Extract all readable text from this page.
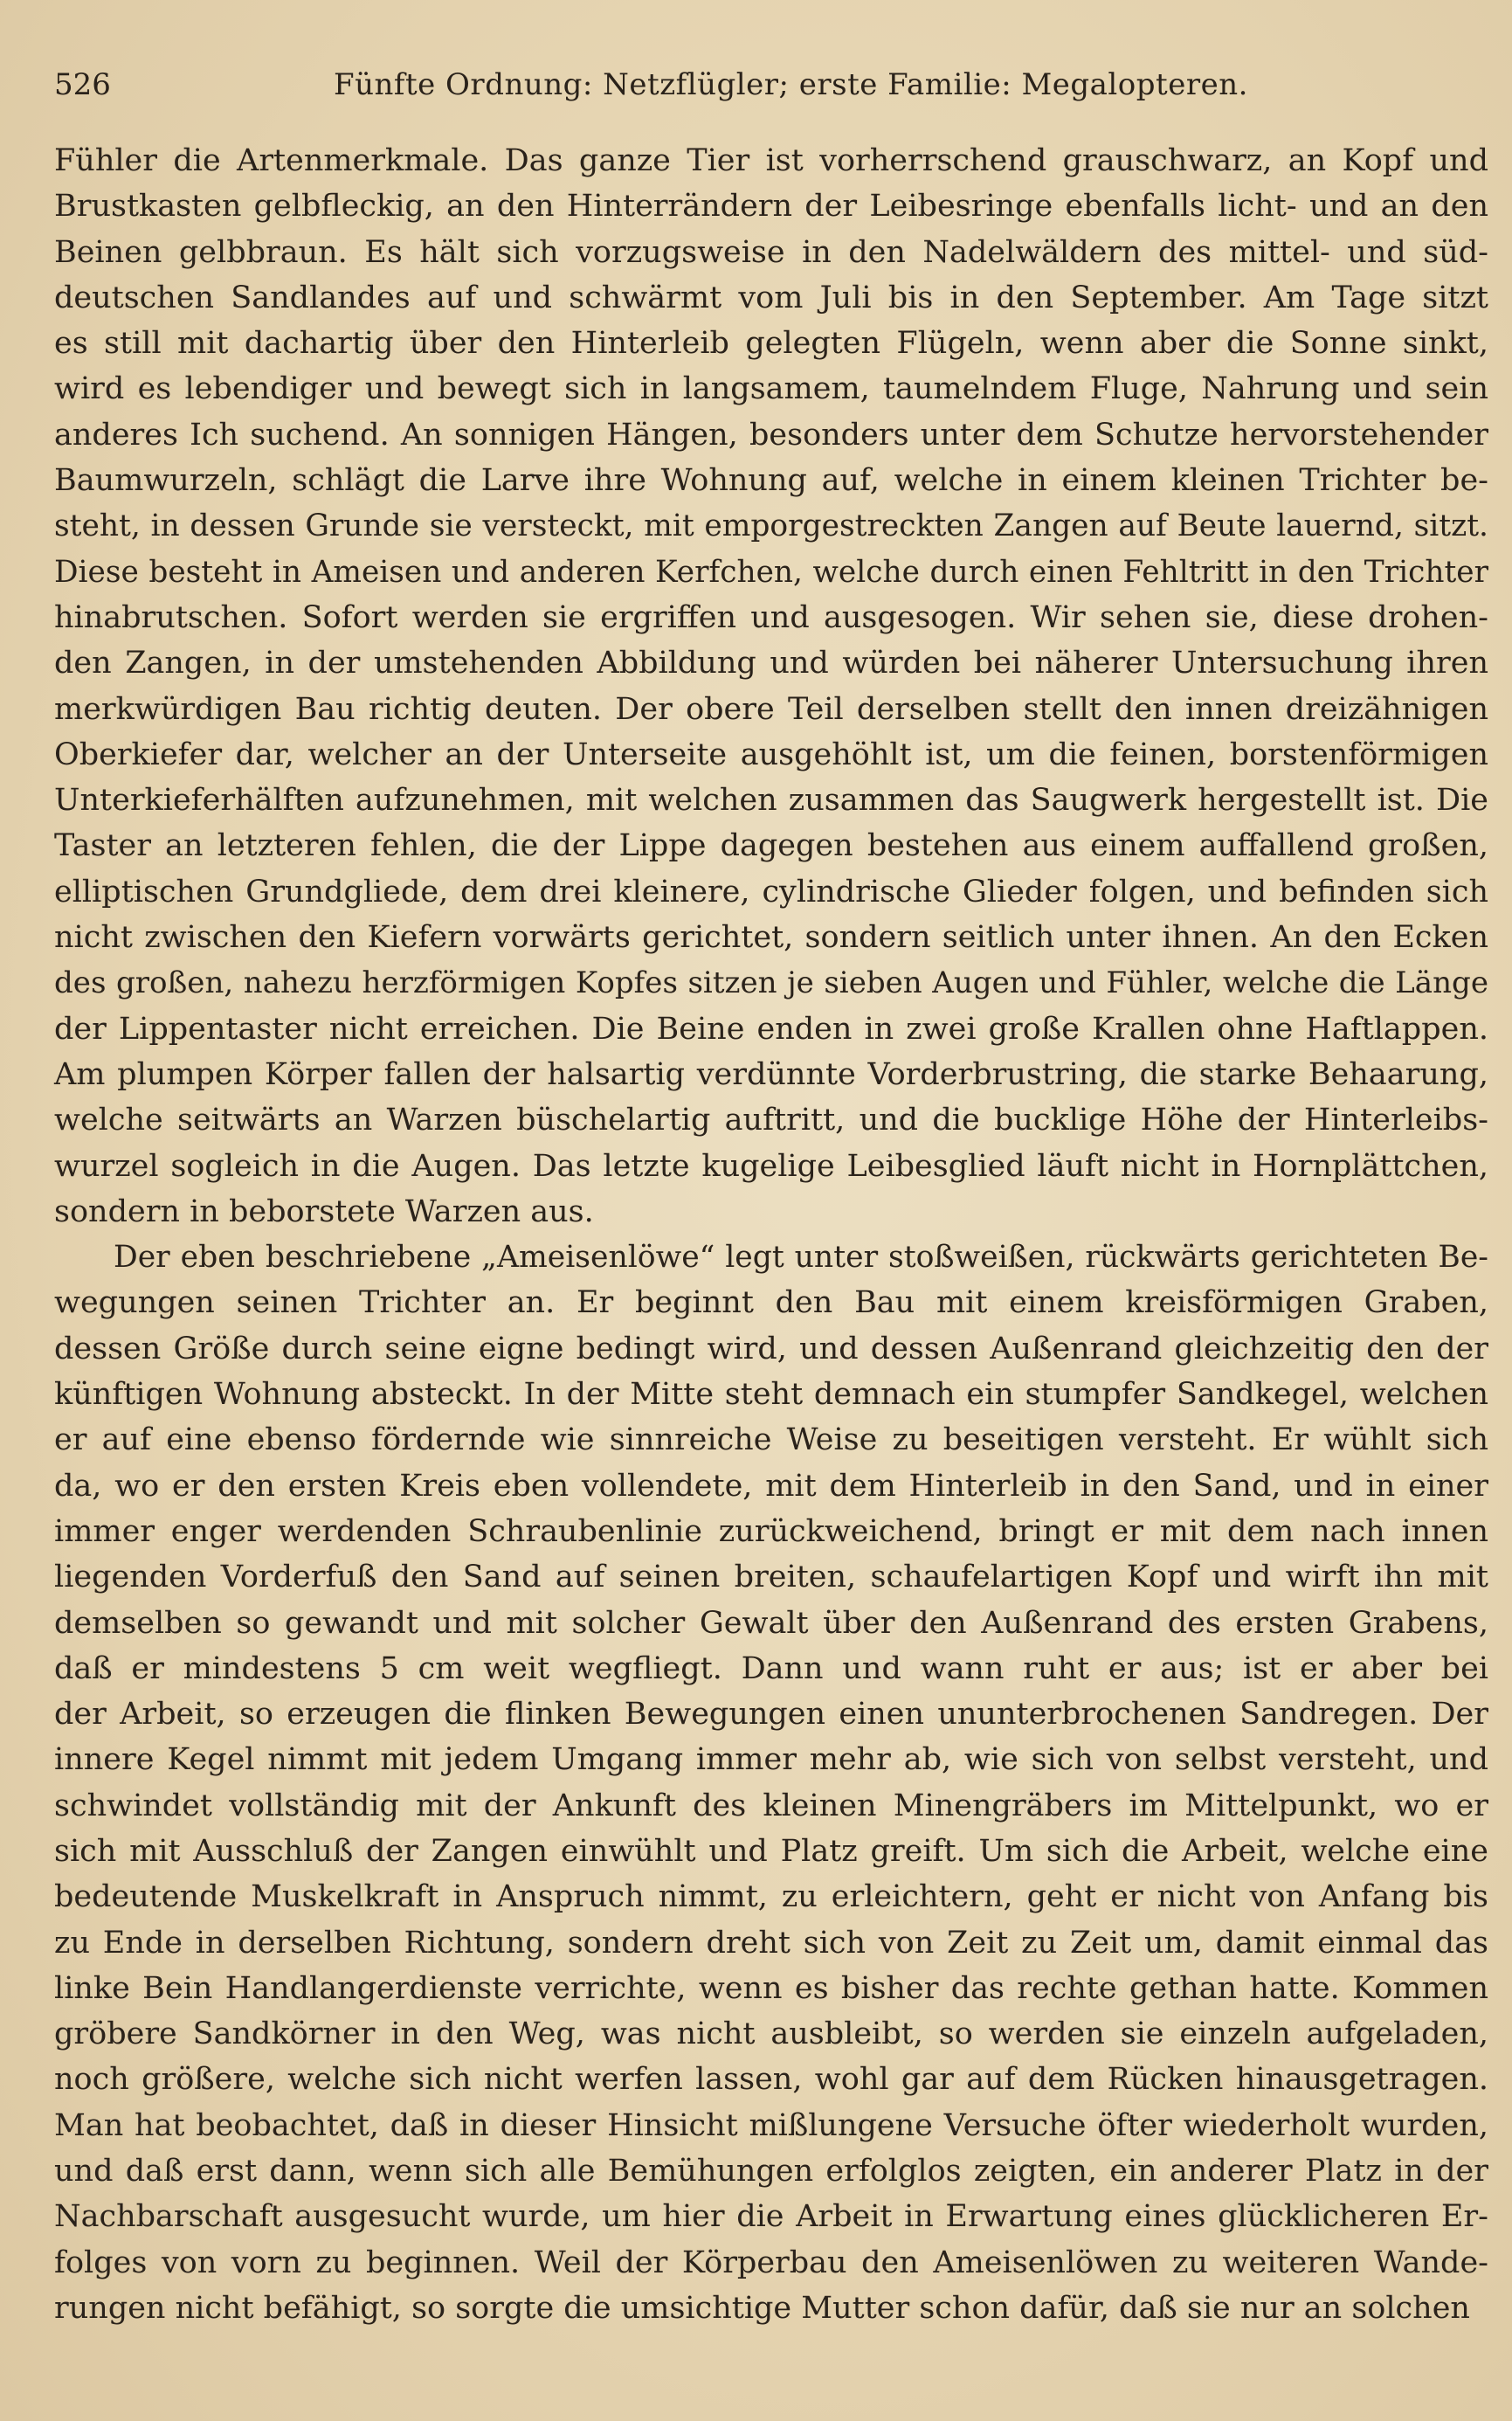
526	Fünfte Ordnung: Netzflügler; erste Familie: Megalopteren.
Fühler die Artenmerkmale. Das ganze Tier ist vorherrschend grauschwarz, an Kopf und
Brustkasten gelbfleckig, an den Hinterrändern der Leibesringe ebenfalls licht- und an den
Beinen gelbbraun. Es hält sich vorzugsweise in den Nadelwäldern des mittel- und süd-
deutschen Sandlandes auf und schwärmt vom Juli bis in den September. Am Tage sitzt
es still mit dachartig über den Hinterleib gelegten Flügeln, wenn aber die Sonne sinkt,
wird es lebendiger und bewegt sich in langsamem, taumelndem Fluge, Nahrung und sein
anderes Ich suchend. An sonnigen Hängen, besonders unter dem Schutze hervorstehender
Baumwurzeln, schlägt die Larve ihre Wohnung auf, welche in einem kleinen Trichter be-
steht, in dessen Grunde sie versteckt, mit emporgestreckten Zangen auf Beute lauernd, sitzt.
Diese besteht in Ameisen und anderen Kerfchen, welche durch einen Fehltritt in den Trichter
hinabrutschen. Sofort werden sie ergriffen und ausgesogen. Wir sehen sie, diese drohen-
den Zangen, in der umstehenden Abbildung und würden bei näherer Untersuchung ihren
merkwürdigen Bau richtig deuten. Der obere Teil derselben stellt den innen dreizähnigen
Oberkiefer dar, welcher an der Unterseite ausgehöhlt ist, um die feinen, borstenförmigen
Unterkieferhälften aufzunehmen, mit welchen zusammen das Saugwerk hergestellt ist. Die
Taster an letzteren fehlen, die der Lippe dagegen bestehen aus einem auffallend großen,
elliptischen Grundgliede, dem drei kleinere, cylindrische Glieder folgen, und befinden sich
nicht zwischen den Kiefern vorwärts gerichtet, sondern seitlich unter ihnen. An den Ecken
des großen, nahezu herzförmigen Kopfes sitzen je sieben Augen und Fühler, welche die Länge
der Lippentaster nicht erreichen. Die Beine enden in zwei große Krallen ohne Haftlappen.
Am plumpen Körper fallen der halsartig verdünnte Vorderbrustring, die starke Behaarung,
welche seitwärts an Warzen büschelartig auftritt, und die bucklige Höhe der Hinterleibs-
wurzel sogleich in die Augen. Das letzte kugelige Leibesglied läuft nicht in Hornplättchen,
sondern in beborstete Warzen aus.
Der eben beschriebene „Ameisenlöwe“ legt unter stoßweißen, rückwärts gerichteten Be-
wegungen seinen Trichter an. Er beginnt den Bau mit einem kreisförmigen Graben,
dessen Größe durch seine eigne bedingt wird, und dessen Außenrand gleichzeitig den der
künftigen Wohnung absteckt. In der Mitte steht demnach ein stumpfer Sandkegel, welchen
er auf eine ebenso fördernde wie sinnreiche Weise zu beseitigen versteht. Er wühlt sich
da, wo er den ersten Kreis eben vollendete, mit dem Hinterleib in den Sand, und in einer
immer enger werdenden Schraubenlinie zurückweichend, bringt er mit dem nach innen
liegenden Vorderfuß den Sand auf seinen breiten, schaufelartigen Kopf und wirft ihn mit
demselben so gewandt und mit solcher Gewalt über den Außenrand des ersten Grabens,
daß er mindestens 5 cm weit wegfliegt. Dann und wann ruht er aus; ist er aber bei
der Arbeit, so erzeugen die flinken Bewegungen einen ununterbrochenen Sandregen. Der
innere Kegel nimmt mit jedem Umgang immer mehr ab, wie sich von selbst versteht, und
schwindet vollständig mit der Ankunft des kleinen Minengräbers im Mittelpunkt, wo er
sich mit Ausschluß der Zangen einwühlt und Platz greift. Um sich die Arbeit, welche eine
bedeutende Muskelkraft in Anspruch nimmt, zu erleichtern, geht er nicht von Anfang bis
zu Ende in derselben Richtung, sondern dreht sich von Zeit zu Zeit um, damit einmal das
linke Bein Handlangerdienste verrichte, wenn es bisher das rechte gethan hatte. Kommen
gröbere Sandkörner in den Weg, was nicht ausbleibt, so werden sie einzeln aufgeladen,
noch größere, welche sich nicht werfen lassen, wohl gar auf dem Rücken hinausgetragen.
Man hat beobachtet, daß in dieser Hinsicht mißlungene Versuche öfter wiederholt wurden,
und daß erst dann, wenn sich alle Bemühungen erfolglos zeigten, ein anderer Platz in der
Nachbarschaft ausgesucht wurde, um hier die Arbeit in Erwartung eines glücklicheren Er-
folges von vorn zu beginnen. Weil der Körperbau den Ameisenlöwen zu weiteren Wande-
rungen nicht befähigt, so sorgte die umsichtige Mutter schon dafür, daß sie nur an solchen
